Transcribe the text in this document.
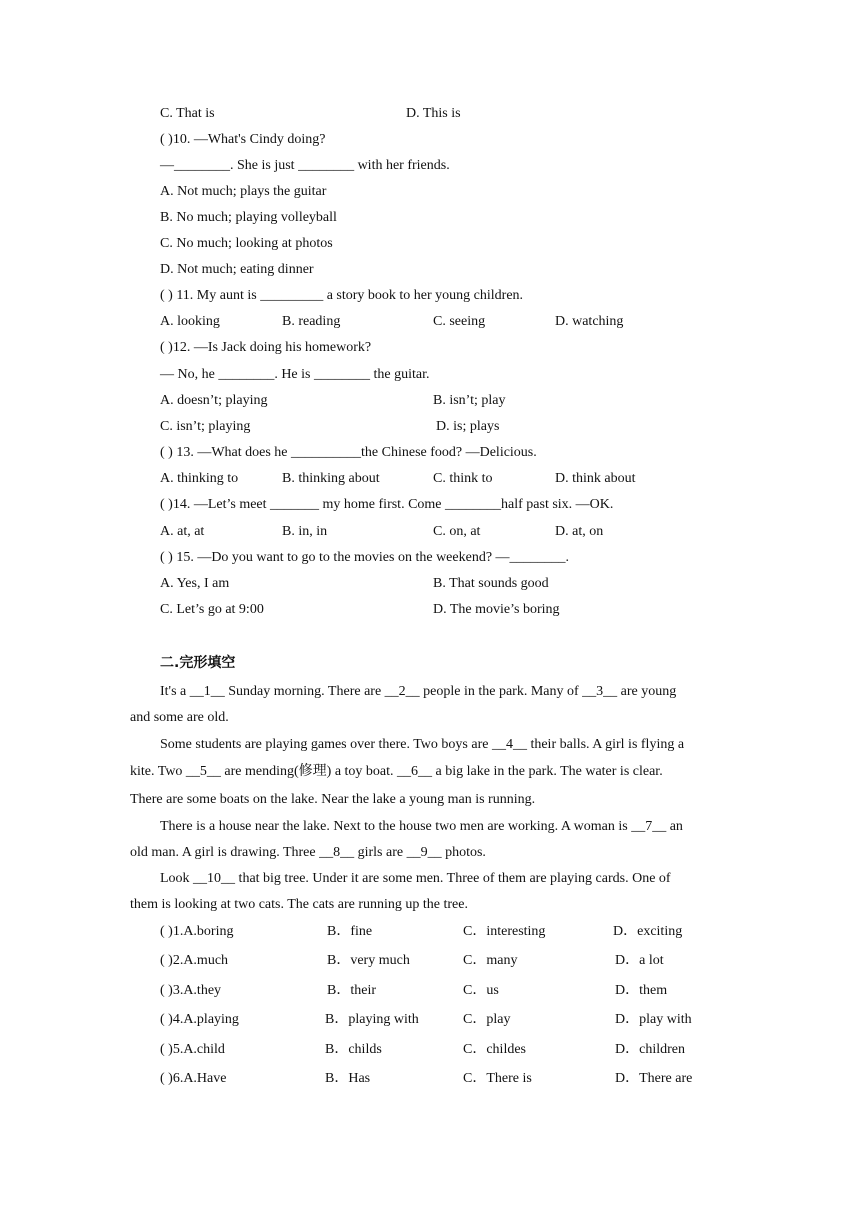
C. That is	D. This is
( )10. —What's Cindy doing?
—________. She is just ________ with her friends.
A. Not much; plays the guitar
B. No much; playing volleyball
C. No much; looking at photos
D. Not much; eating dinner
( ) 11. My aunt is _________ a story book to her young children.
A. looking	B. reading	C. seeing	D. watching
( )12. —Is Jack doing his homework?
— No, he ________. He is ________ the guitar.
A. doesn’t; playing	B. isn’t; play
C. isn’t; playing	D. is; plays
( ) 13. —What does he __________the Chinese food? —Delicious.
A. thinking to	B. thinking about	C. think to	D. think about
( )14. —Let’s meet _______ my home first. Come ________half past six. —OK.
A. at, at	B. in, in	C. on, at	D. at, on
( ) 15. —Do you want to go to the movies on the weekend? —________.
A. Yes, I am	B. That sounds good
C. Let’s go at 9:00	D. The movie’s boring
二.完形填空
It's a __1__ Sunday morning. There are __2__ people in the park. Many of __3__ are young
and some are old.
Some students are playing games over there. Two boys are __4__ their balls. A girl is flying a
kite. Two __5__ are mending(修理) a toy boat. __6__ a big lake in the park. The water is clear.
There are some boats on the lake. Near the lake a young man is running.
There is a house near the lake. Next to the house two men are working. A woman is __7__ an
old man. A girl is drawing. Three __8__ girls are __9__ photos.
Look __10__ that big tree. Under it are some men. Three of them are playing cards. One of
them is looking at two cats. The cats are running up the tree.
( )1.A.boring	B．fine	C．interesting	D．exciting
( )2.A.much	B．very much	C．many	D．a lot
( )3.A.they	B．their	C．us	D．them
( )4.A.playing	B．playing with	C．play	D．play with
( )5.A.child	B．childs	C．childes	D．children
( )6.A.Have	B．Has	C．There is	D．There are
